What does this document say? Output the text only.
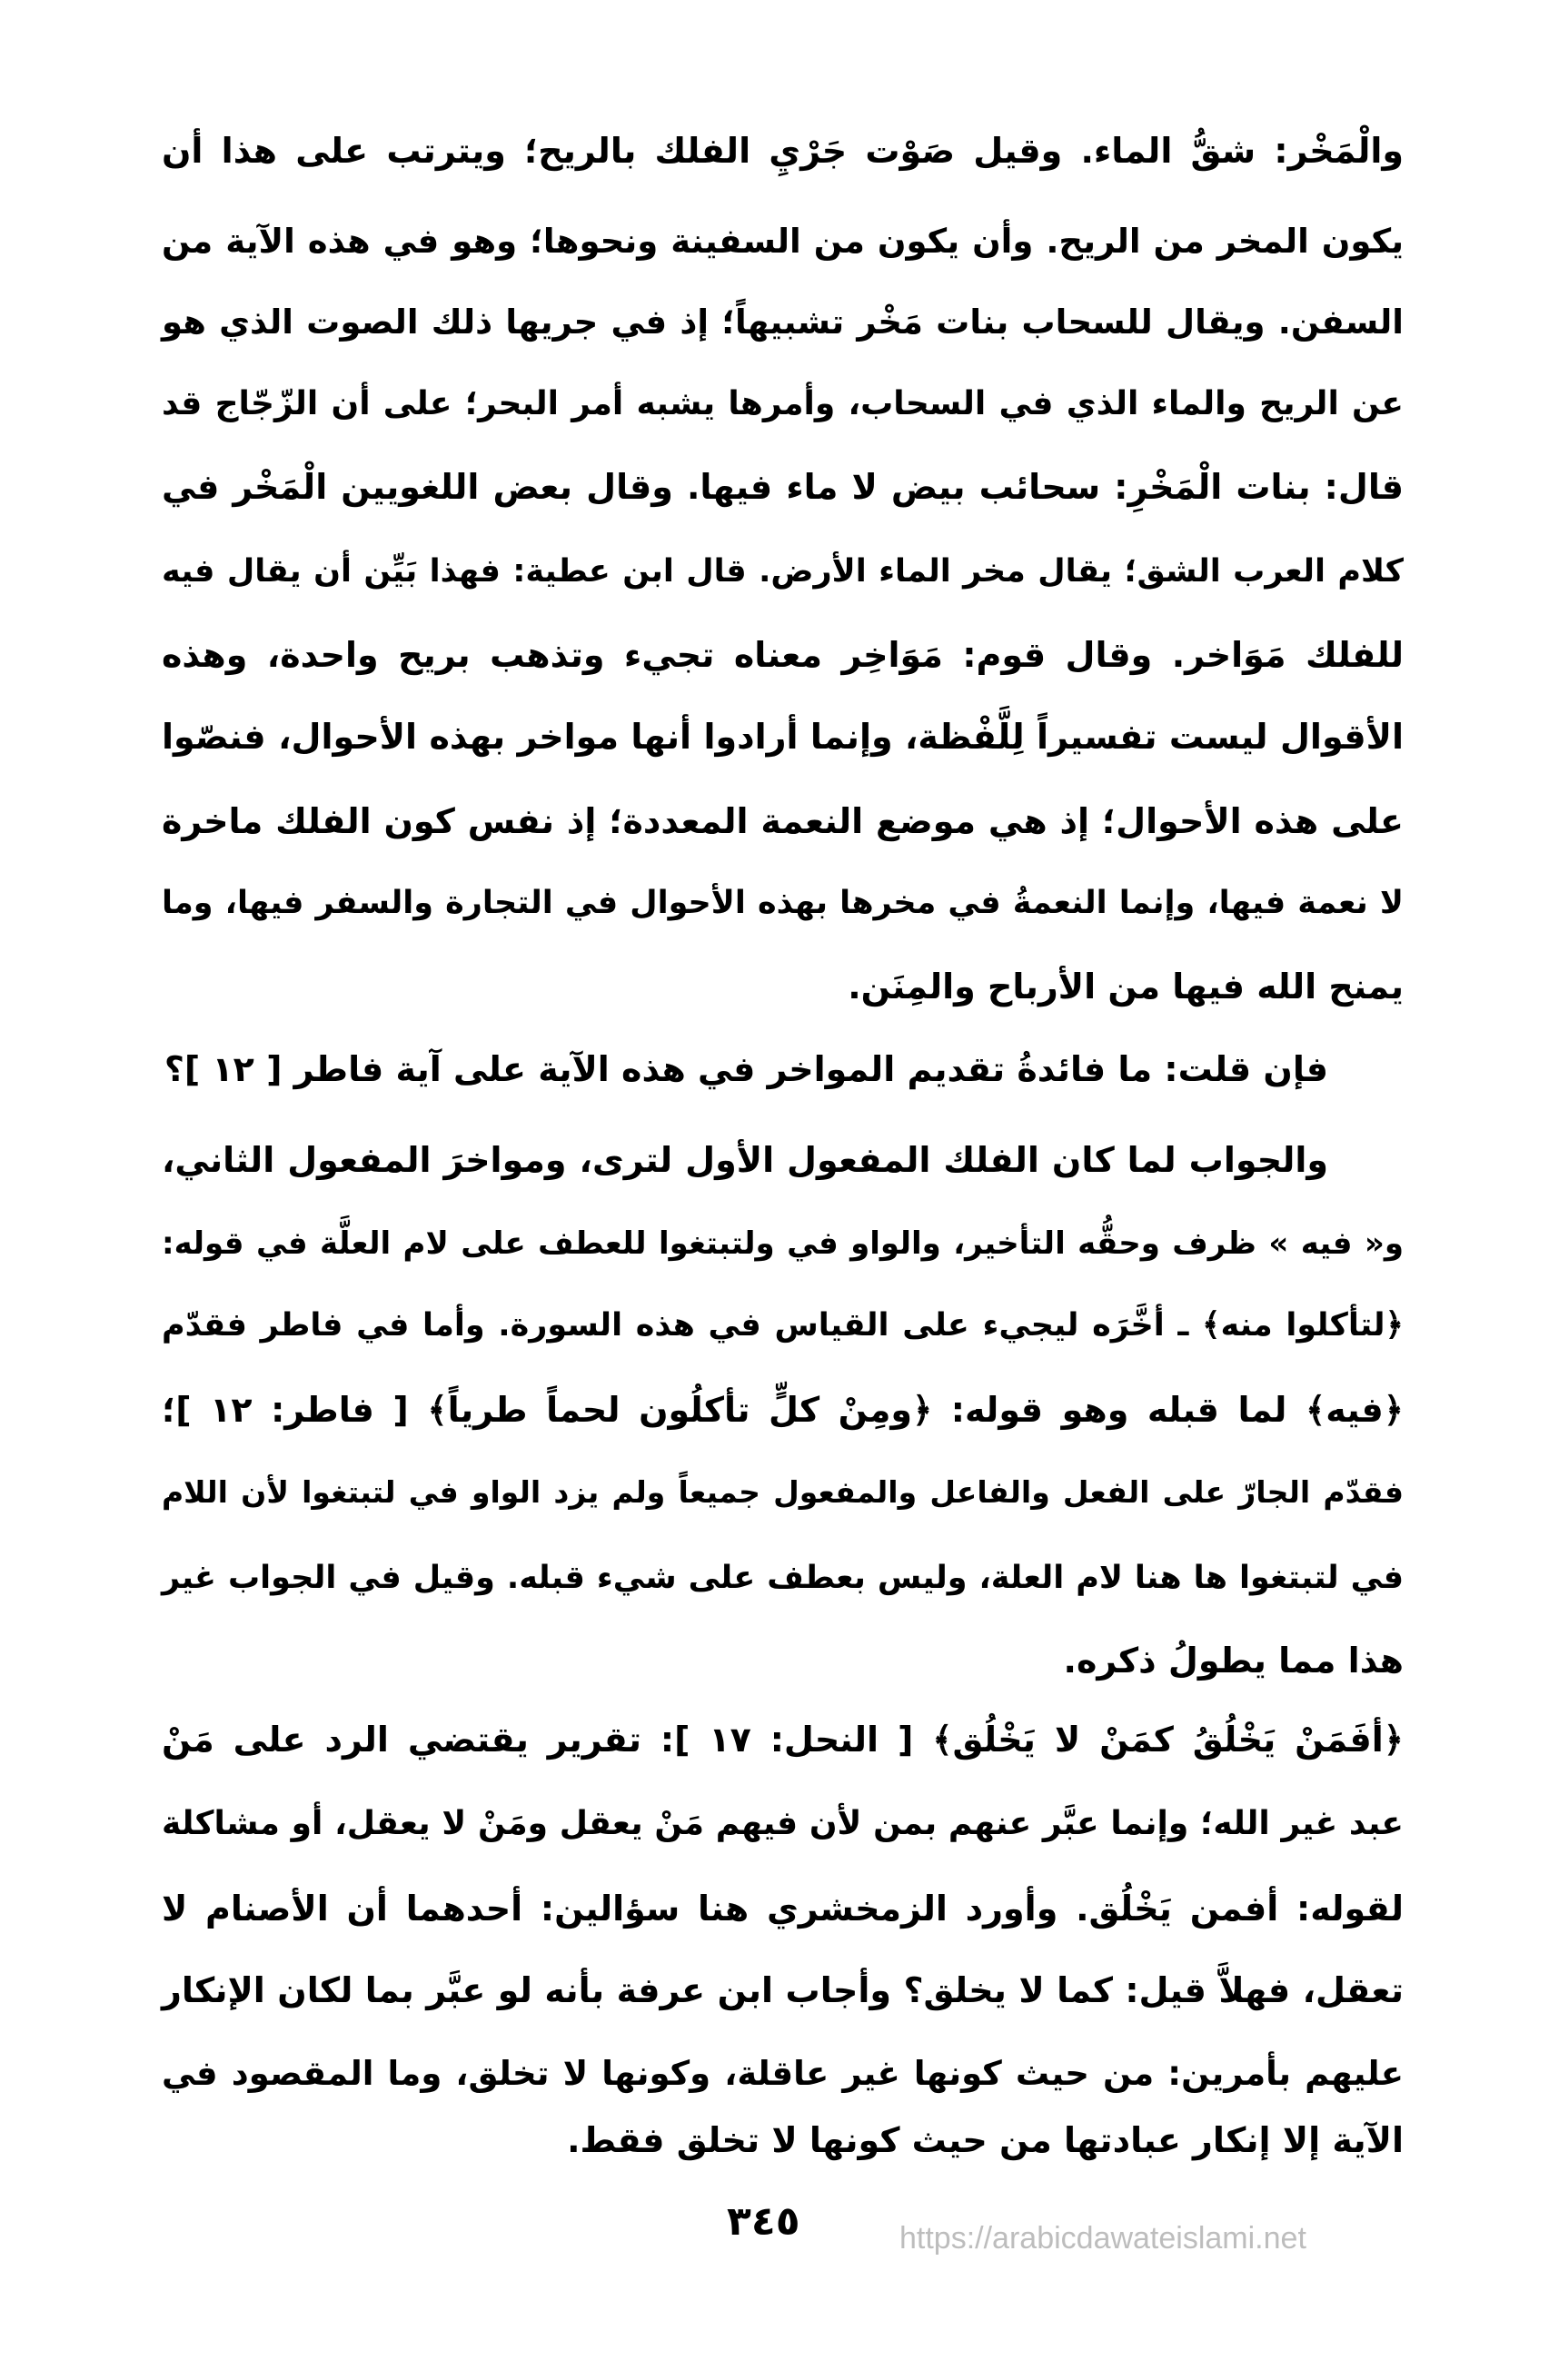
والْمَخْر: شقُّ الماء. وقيل صَوْت جَرْيِ الفلك بالريح؛ ويترتب على هذا أن
يكون المخر من الريح. وأن يكون من السفينة ونحوها؛ وهو في هذه الآية من
السفن. ويقال للسحاب بنات مَخْر تشبيهاً؛ إذ في جريها ذلك الصوت الذي هو
عن الريح والماء الذي في السحاب، وأمرها يشبه أمر البحر؛ على أن الزّجّاج قد
قال: بنات الْمَخْرِ: سحائب بيض لا ماء فيها. وقال بعض اللغويين الْمَخْر في
كلام العرب الشق؛ يقال مخر الماء الأرض. قال ابن عطية: فهذا بَيِّن أن يقال فيه
للفلك مَوَاخر. وقال قوم: مَوَاخِر معناه تجيء وتذهب بريح واحدة، وهذه
الأقوال ليست تفسيراً لِلَّفْظة، وإنما أرادوا أنها مواخر بهذه الأحوال، فنصّوا
على هذه الأحوال؛ إذ هي موضع النعمة المعددة؛ إذ نفس كون الفلك ماخرة
لا نعمة فيها، وإنما النعمةُ في مخرها بهذه الأحوال في التجارة والسفر فيها، وما
يمنح الله فيها من الأرباح والمِنَن.
فإن قلت: ما فائدةُ تقديم المواخر في هذه الآية على آية فاطر [ ١٢ ]؟
والجواب لما كان الفلك المفعول الأول لترى، ومواخرَ المفعول الثاني،
و« فيه » ظرف وحقُّه التأخير، والواو في ولتبتغوا للعطف على لام العلَّة في قوله:
﴿لتأكلوا منه﴾ ـ أخَّرَه ليجيء على القياس في هذه السورة. وأما في فاطر فقدّم
﴿فيه﴾ لما قبله وهو قوله: ﴿ومِنْ كلٍّ تأكلُون لحماً طرياً﴾ [ فاطر: ١٢ ]؛
فقدّم الجارّ على الفعل والفاعل والمفعول جميعاً ولم يزد الواو في لتبتغوا لأن اللام
في لتبتغوا ها هنا لام العلة، وليس بعطف على شيء قبله. وقيل في الجواب غير
هذا مما يطولُ ذكره.
﴿أفَمَنْ يَخْلُقُ كمَنْ لا يَخْلُق﴾ [ النحل: ١٧ ]: تقرير يقتضي الرد على مَنْ
عبد غير الله؛ وإنما عبَّر عنهم بمن لأن فيهم مَنْ يعقل ومَنْ لا يعقل، أو مشاكلة
لقوله: أفمن يَخْلُق. وأورد الزمخشري هنا سؤالين: أحدهما أن الأصنام لا
تعقل، فهلاَّ قيل: كما لا يخلق؟ وأجاب ابن عرفة بأنه لو عبَّر بما لكان الإنكار
عليهم بأمرين: من حيث كونها غير عاقلة، وكونها لا تخلق، وما المقصود في
الآية إلا إنكار عبادتها من حيث كونها لا تخلق فقط.
٣٤٥	https://arabicdawateislami.net
